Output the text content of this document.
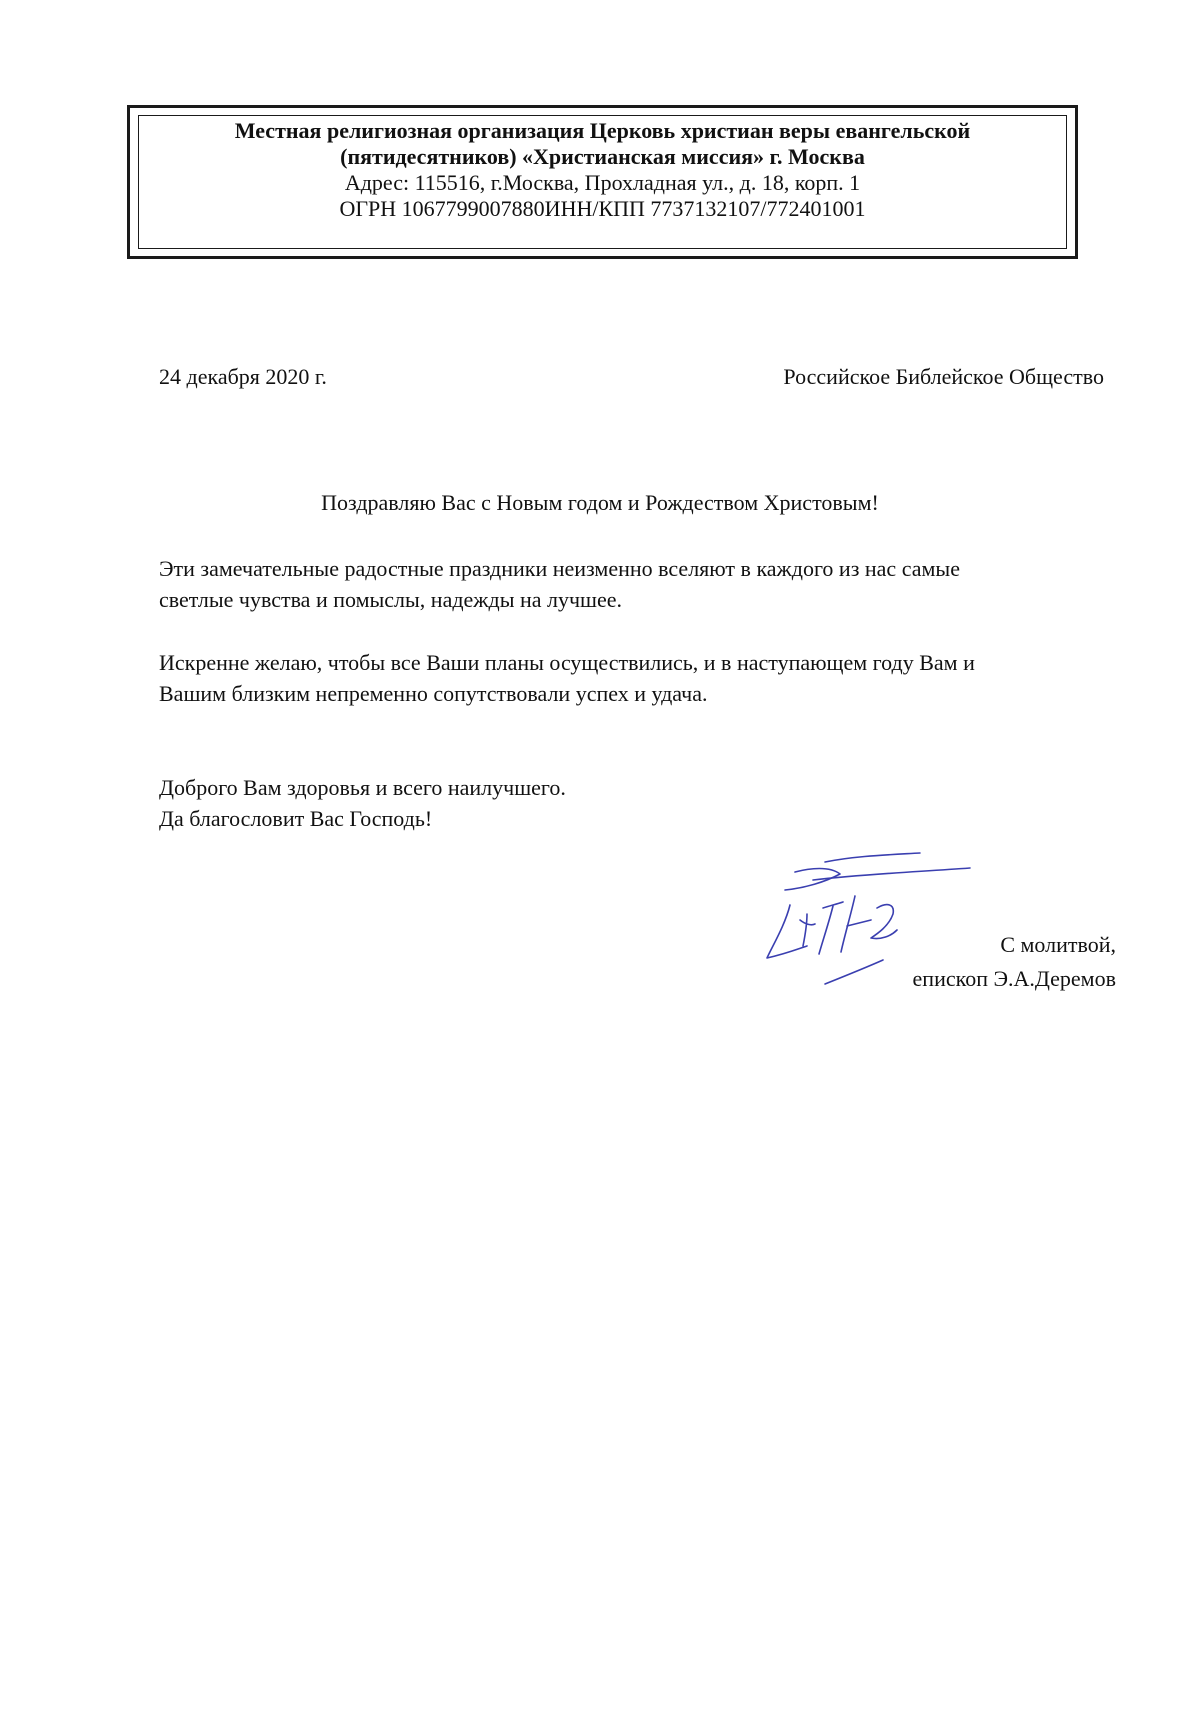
Местная религиозная организация Церковь христиан веры евангельской
(пятидесятников) «Христианская миссия» г. Москва
Адрес: 115516, г.Москва, Прохладная ул., д. 18, корп. 1
ОГРН 1067799007880ИНН/КПП 7737132107/772401001
24 декабря 2020 г.	Российское Библейское Общество
Поздравляю Вас с Новым годом и Рождеством Христовым!
Эти замечательные радостные праздники неизменно вселяют в каждого из нас самые
светлые чувства и помыслы, надежды на лучшее.
Искренне желаю, чтобы все Ваши планы осуществились, и в наступающем году Вам и
Вашим близким непременно сопутствовали успех и удача.
Доброго Вам здоровья и всего наилучшего.
Да благословит Вас Господь!
С молитвой,
епископ Э.А.Деремов
